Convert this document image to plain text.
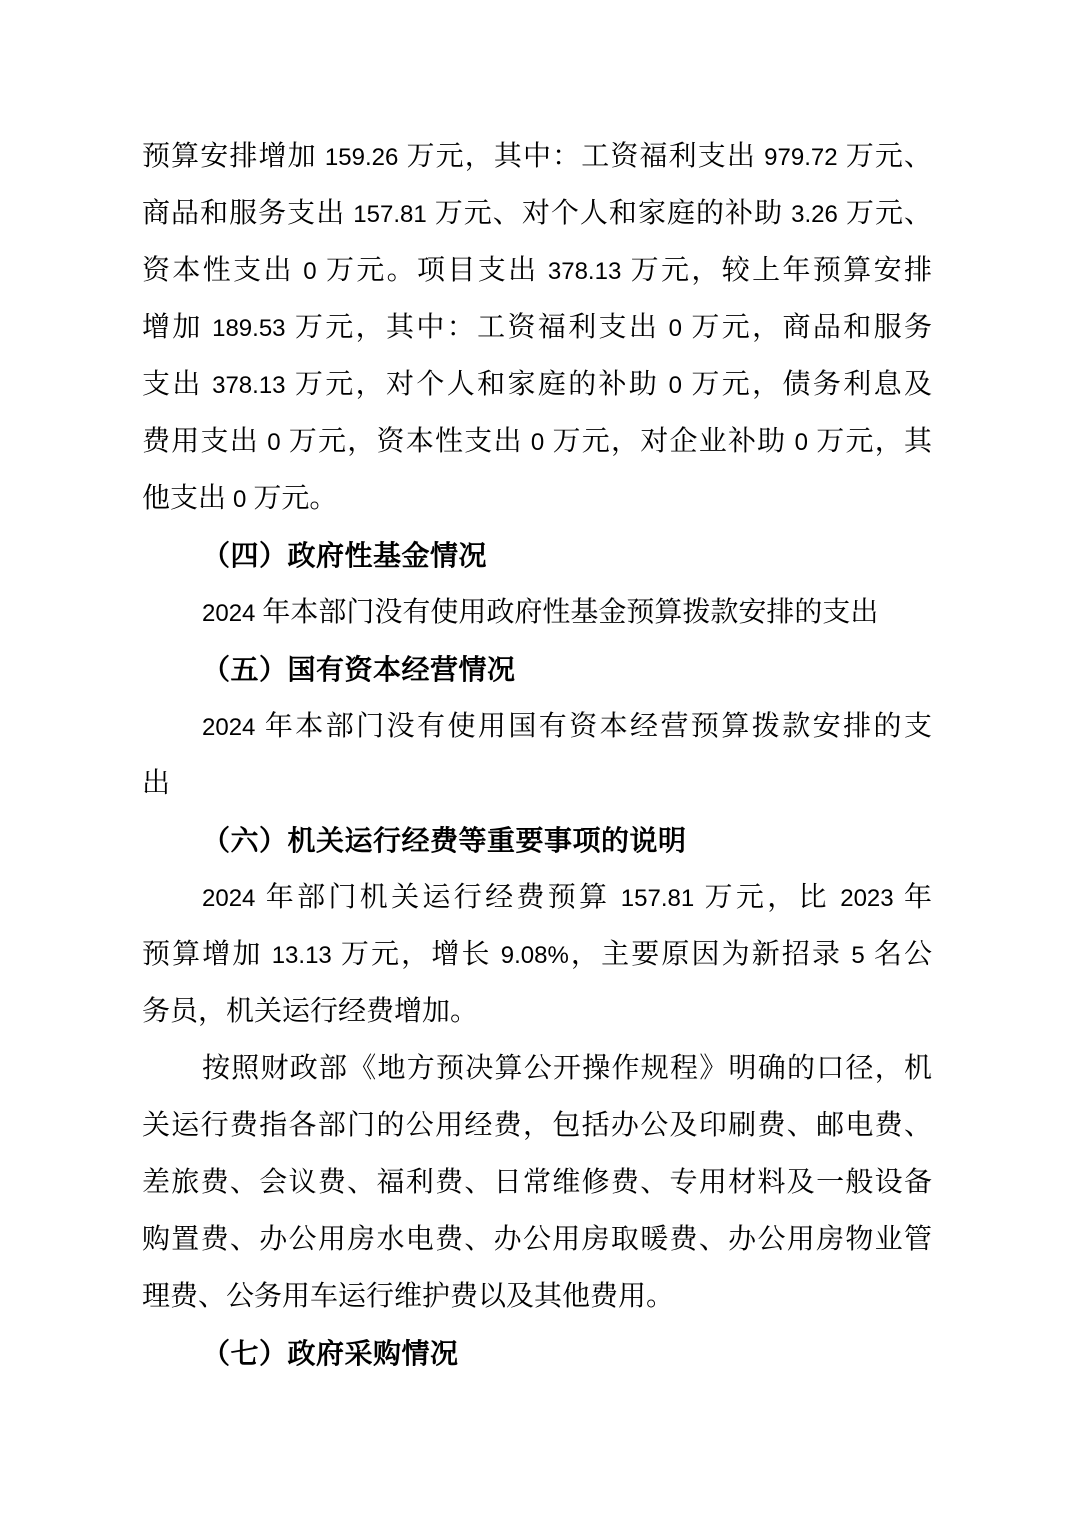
预算安排增加 159.26 万元，其中：工资福利支出 979.72 万元、
商品和服务支出 157.81 万元、对个人和家庭的补助 3.26 万元、
资本性支出 0 万元。项目支出 378.13 万元，较上年预算安排
增加 189.53 万元，其中：工资福利支出 0 万元，商品和服务
支出 378.13 万元，对个人和家庭的补助 0 万元，债务利息及
费用支出 0 万元，资本性支出 0 万元，对企业补助 0 万元，其
他支出 0 万元。
（四）政府性基金情况
2024 年本部门没有使用政府性基金预算拨款安排的支出
（五）国有资本经营情况
2024 年本部门没有使用国有资本经营预算拨款安排的支
出
（六）机关运行经费等重要事项的说明
2024 年部门机关运行经费预算 157.81 万元，比 2023 年
预算增加 13.13 万元，增长 9.08%，主要原因为新招录 5 名公
务员，机关运行经费增加。
按照财政部《地方预决算公开操作规程》明确的口径，机
关运行费指各部门的公用经费，包括办公及印刷费、邮电费、
差旅费、会议费、福利费、日常维修费、专用材料及一般设备
购置费、办公用房水电费、办公用房取暖费、办公用房物业管
理费、公务用车运行维护费以及其他费用。
（七）政府采购情况
